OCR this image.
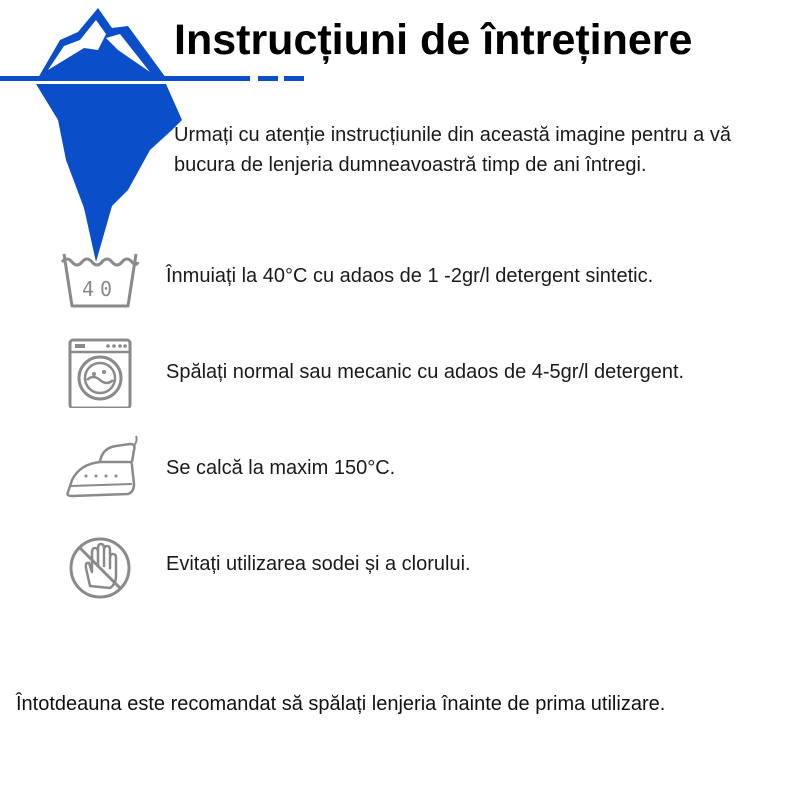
Instrucțiuni de întreținere

Urmați cu atenție instrucțiunile din această imagine pentru a vă bucura de lenjeria dumneavoastră timp de ani întregi.

40
Înmuiați la 40°C cu adaos de 1 -2gr/l detergent sintetic.
Spălați normal sau mecanic cu adaos de 4-5gr/l detergent.
Se calcă la maxim 150°C.
Evitați utilizarea sodei și a clorului.

Întotdeauna este recomandat să spălați lenjeria înainte de prima utilizare.
